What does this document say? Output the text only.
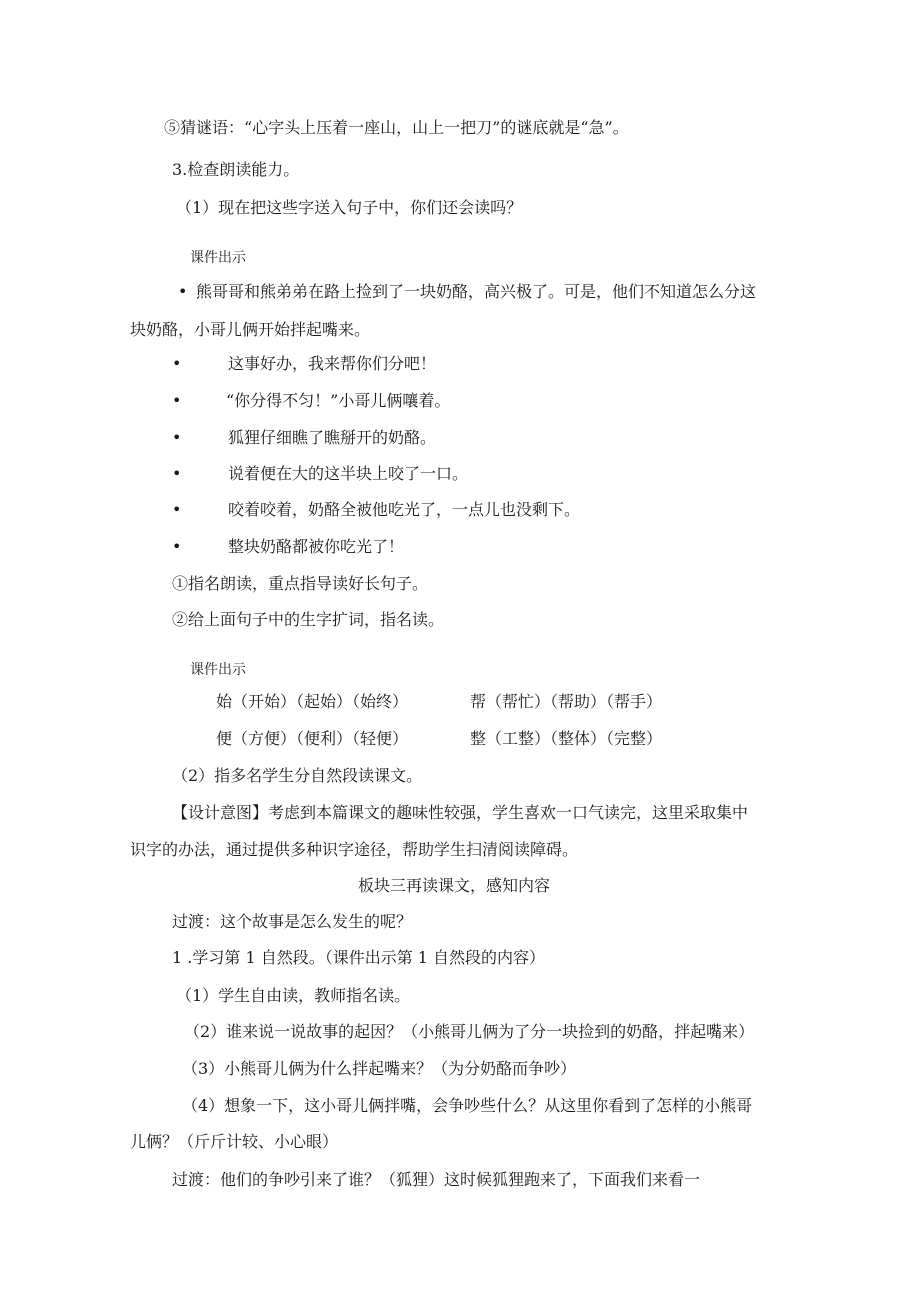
⑤猜谜语：“心字头上压着一座山，山上一把刀”的谜底就是“急”。
3.检查朗读能力。
（1）现在把这些字送入句子中，你们还会读吗？
课件出示
• 熊哥哥和熊弟弟在路上捡到了一块奶酪，高兴极了。可是，他们不知道怎么分这
块奶酪，小哥儿俩开始拌起嘴来。
•	这事好办，我来帮你们分吧！
•	“你分得不匀！”小哥儿俩嚷着。
•	狐狸仔细瞧了瞧掰开的奶酪。
•	说着便在大的这半块上咬了一口。
•	咬着咬着，奶酪全被他吃光了，一点儿也没剩下。
•	整块奶酪都被你吃光了！
①指名朗读，重点指导读好长句子。
②给上面句子中的生字扩词，指名读。
课件出示
始（开始）（起始）（始终）	帮（帮忙）（帮助）（帮手）
便（方便）（便利）（轻便）	整（工整）（整体）（完整）
（2）指多名学生分自然段读课文。
【设计意图】考虑到本篇课文的趣味性较强，学生喜欢一口气读完，这里采取集中
识字的办法，通过提供多种识字途径，帮助学生扫清阅读障碍。
板块三再读课文，感知内容
过渡：这个故事是怎么发生的呢？
1 .学习第 1 自然段。（课件出示第 1 自然段的内容）
（1）学生自由读，教师指名读。
（2）谁来说一说故事的起因？（小熊哥儿俩为了分一块捡到的奶酪，拌起嘴来）
（3）小熊哥儿俩为什么拌起嘴来？（为分奶酪而争吵）
（4）想象一下，这小哥儿俩拌嘴，会争吵些什么？从这里你看到了怎样的小熊哥
儿俩？（斤斤计较、小心眼）
过渡：他们的争吵引来了谁？（狐狸）这时候狐狸跑来了，下面我们来看一
